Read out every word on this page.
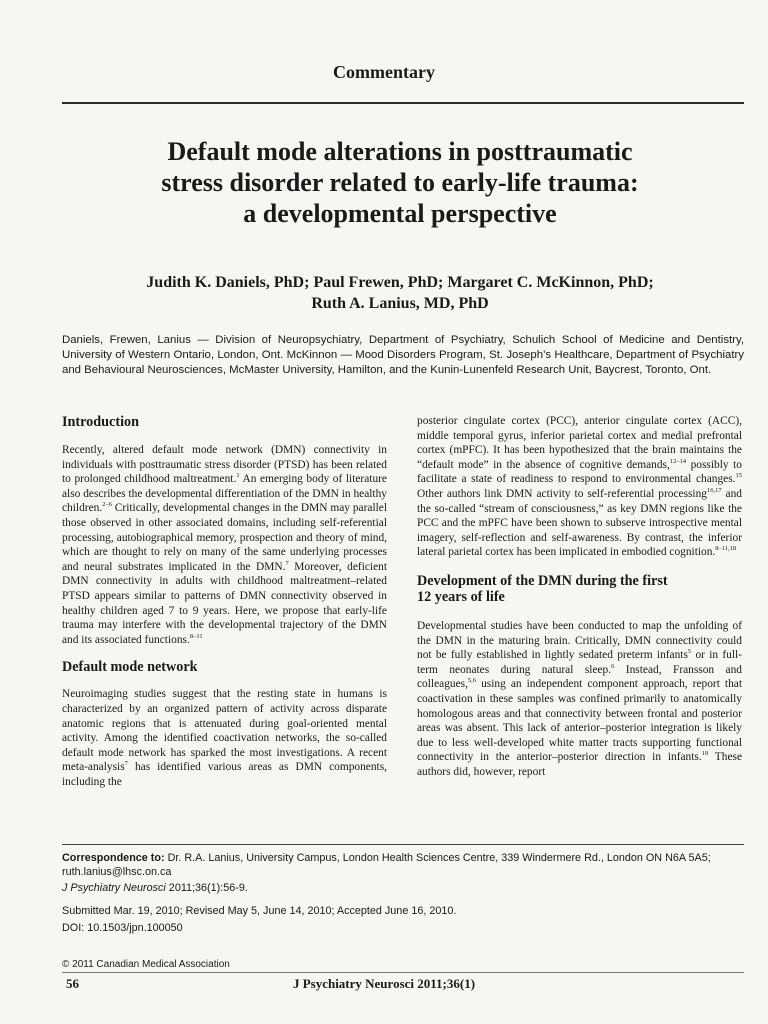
Commentary
Default mode alterations in posttraumatic
stress disorder related to early-life trauma:
a developmental perspective
Judith K. Daniels, PhD; Paul Frewen, PhD; Margaret C. McKinnon, PhD;
Ruth A. Lanius, MD, PhD

Daniels, Frewen, Lanius — Division of Neuropsychiatry, Department of Psychiatry, Schulich School of Medicine and Dentistry, University of Western Ontario, London, Ont. McKinnon — Mood Disorders Program, St. Joseph’s Healthcare, Department of Psychiatry and Behavioural Neurosciences, McMaster University, Hamilton, and the Kunin-Lunenfeld Research Unit, Baycrest, Toronto, Ont.

Introduction

Recently, altered default mode network (DMN) connectivity in individuals with posttraumatic stress disorder (PTSD) has been related to prolonged childhood maltreatment.$^1$ An emerging body of literature also describes the developmental differentiation of the DMN in healthy children.$^{2-6}$ Critically, developmental changes in the DMN may parallel those observed in other associated domains, including self-referential processing, autobiographical memory, prospection and theory of mind, which are thought to rely on many of the same underlying processes and neural substrates implicated in the DMN.$^7$ Moreover, deficient DMN connectivity in adults with childhood maltreatment–related PTSD appears similar to patterns of DMN connectivity observed in healthy children aged 7 to 9 years. Here, we propose that early-life trauma may interfere with the developmental trajectory of the DMN and its associated functions.$^{8-11}$

Default mode network

Neuroimaging studies suggest that the resting state in humans is characterized by an organized pattern of activity across disparate anatomic regions that is attenuated during goal-oriented mental activity. Among the identified coactivation networks, the so-called default mode network has sparked the most investigations. A recent meta-analysis$^7$ has identified various areas as DMN components, including the

posterior cingulate cortex (PCC), anterior cingulate cortex (ACC), middle temporal gyrus, inferior parietal cortex and medial prefrontal cortex (mPFC). It has been hypothesized that the brain maintains the “default mode” in the absence of cognitive demands,$^{12-14}$ possibly to facilitate a state of readiness to respond to environmental changes.$^{15}$ Other authors link DMN activity to self-referential processing$^{16,17}$ and the so-called “stream of consciousness,” as key DMN regions like the PCC and the mPFC have been shown to subserve introspective mental imagery, self-reflection and self-awareness. By contrast, the inferior lateral parietal cortex has been implicated in embodied cognition.$^{8-11,18}$

Development of the DMN during the first
12 years of life

Developmental studies have been conducted to map the unfolding of the DMN in the maturing brain. Critically, DMN connectivity could not be fully established in lightly sedated preterm infants$^5$ or in full-term neonates during natural sleep.$^6$ Instead, Fransson and colleagues,$^{5,6}$ using an independent component approach, report that coactivation in these samples was confined primarily to anatomically homologous areas and that connectivity between frontal and posterior areas was absent. This lack of anterior–posterior integration is likely due to less well-developed white matter tracts supporting functional connectivity in the anterior–posterior direction in infants.$^{19}$ These authors did, however, report

Correspondence to: Dr. R.A. Lanius, University Campus, London Health Sciences Centre, 339 Windermere Rd., London ON N6A 5A5;
ruth.lanius@lhsc.on.ca
J Psychiatry Neurosci 2011;36(1):56-9.
Submitted Mar. 19, 2010; Revised May 5, June 14, 2010; Accepted June 16, 2010.
DOI: 10.1503/jpn.100050
© 2011 Canadian Medical Association
56	J Psychiatry Neurosci 2011;36(1)
